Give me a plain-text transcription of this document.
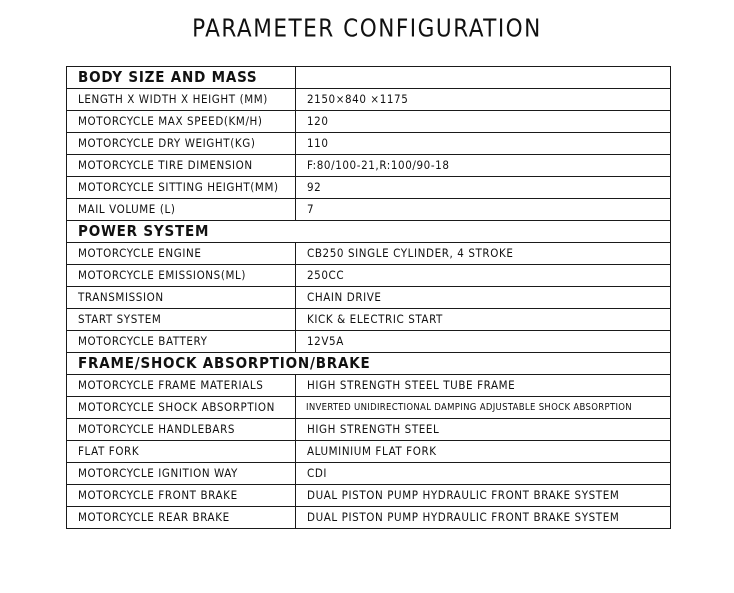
PARAMETER CONFIGURATION
BODY SIZE AND MASS	
LENGTH X WIDTH X HEIGHT (MM)	2150×840 ×1175
MOTORCYCLE MAX SPEED(KM/H)	120
MOTORCYCLE DRY WEIGHT(KG)	110
MOTORCYCLE TIRE DIMENSION	F:80/100-21,R:100/90-18
MOTORCYCLE SITTING HEIGHT(MM)	92
MAIL VOLUME (L)	7
POWER SYSTEM	
MOTORCYCLE ENGINE	CB250 SINGLE CYLINDER, 4 STROKE
MOTORCYCLE EMISSIONS(ML)	250CC
TRANSMISSION	CHAIN DRIVE
START SYSTEM	KICK & ELECTRIC START
MOTORCYCLE BATTERY	12V5A
FRAME/SHOCK ABSORPTION/BRAKE	
MOTORCYCLE FRAME MATERIALS	HIGH STRENGTH STEEL TUBE FRAME
MOTORCYCLE SHOCK ABSORPTION	INVERTED UNIDIRECTIONAL DAMPING ADJUSTABLE SHOCK ABSORPTION
MOTORCYCLE HANDLEBARS	HIGH STRENGTH STEEL
FLAT FORK	ALUMINIUM FLAT FORK
MOTORCYCLE IGNITION WAY	CDI
MOTORCYCLE FRONT BRAKE	DUAL PISTON PUMP HYDRAULIC FRONT BRAKE SYSTEM
MOTORCYCLE REAR BRAKE	DUAL PISTON PUMP HYDRAULIC FRONT BRAKE SYSTEM
